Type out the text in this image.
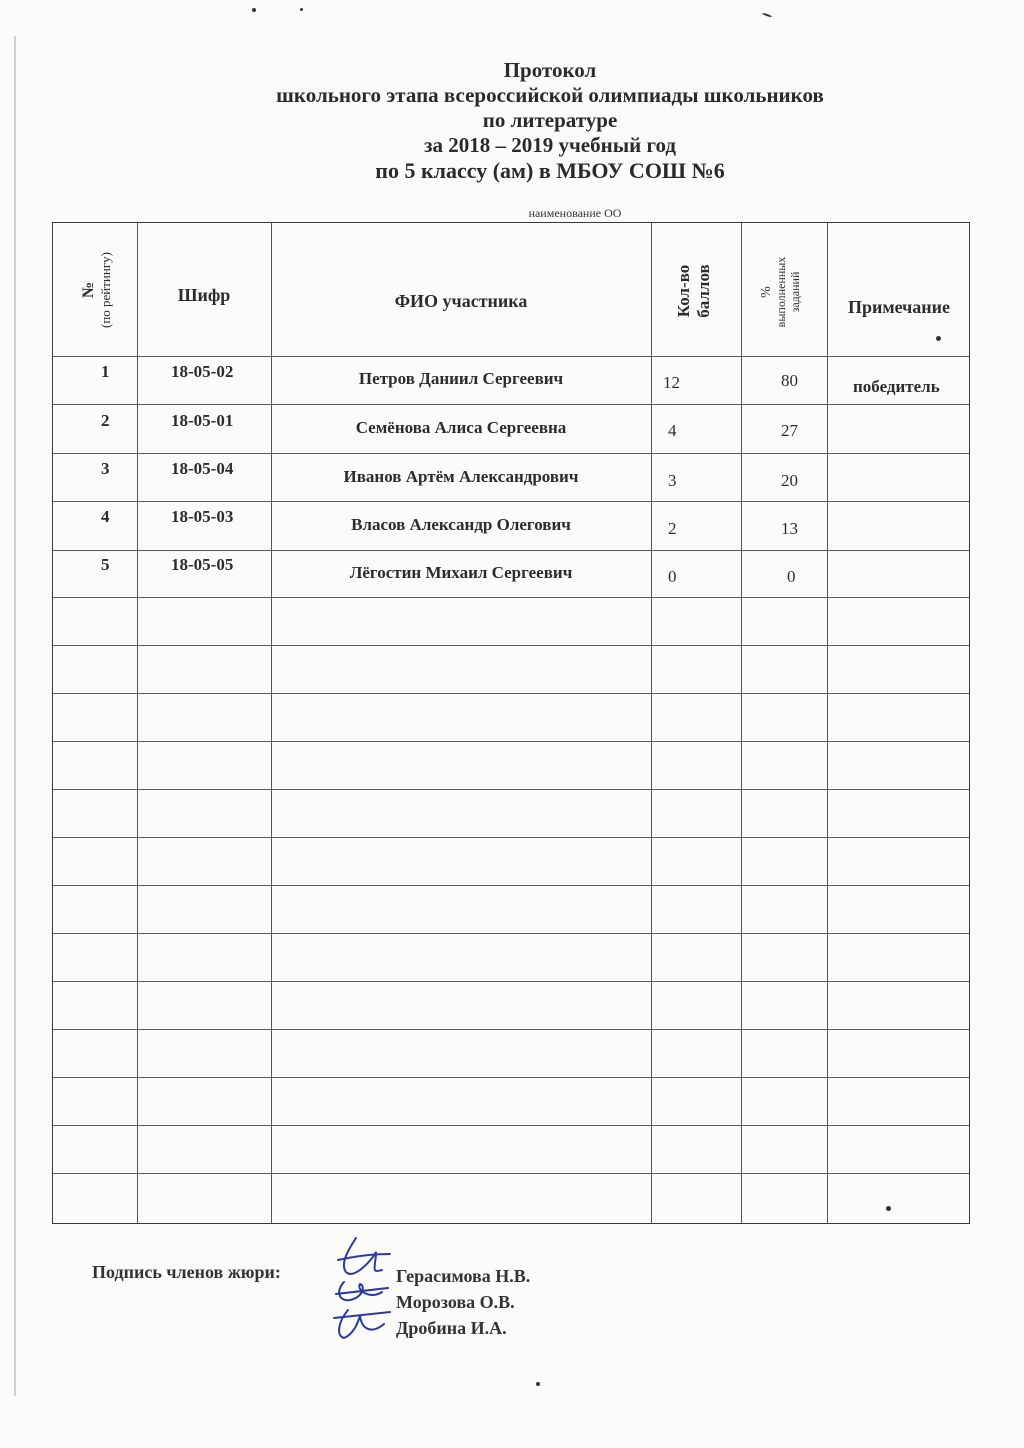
Протокол
школьного этапа всероссийской олимпиады школьников
по литературе
за 2018 – 2019 учебный год
по 5 классу (ам) в МБОУ СОШ №6
наименование ОО
№ (по рейтингу)	Шифр	ФИО участника	Кол-во баллов	% выполненных заданий	Примечание
1	18-05-02	Петров Даниил Сергеевич	12	80	победитель
2	18-05-01	Семёнова Алиса Сергеевна	4	27
3	18-05-04	Иванов Артём Александрович	3	20
4	18-05-03	Власов Александр Олегович	2	13
5	18-05-05	Лёгостин Михаил Сергеевич	0	0
Подпись членов жюри:	Герасимова Н.В.
Морозова О.В.
Дробина И.А.
